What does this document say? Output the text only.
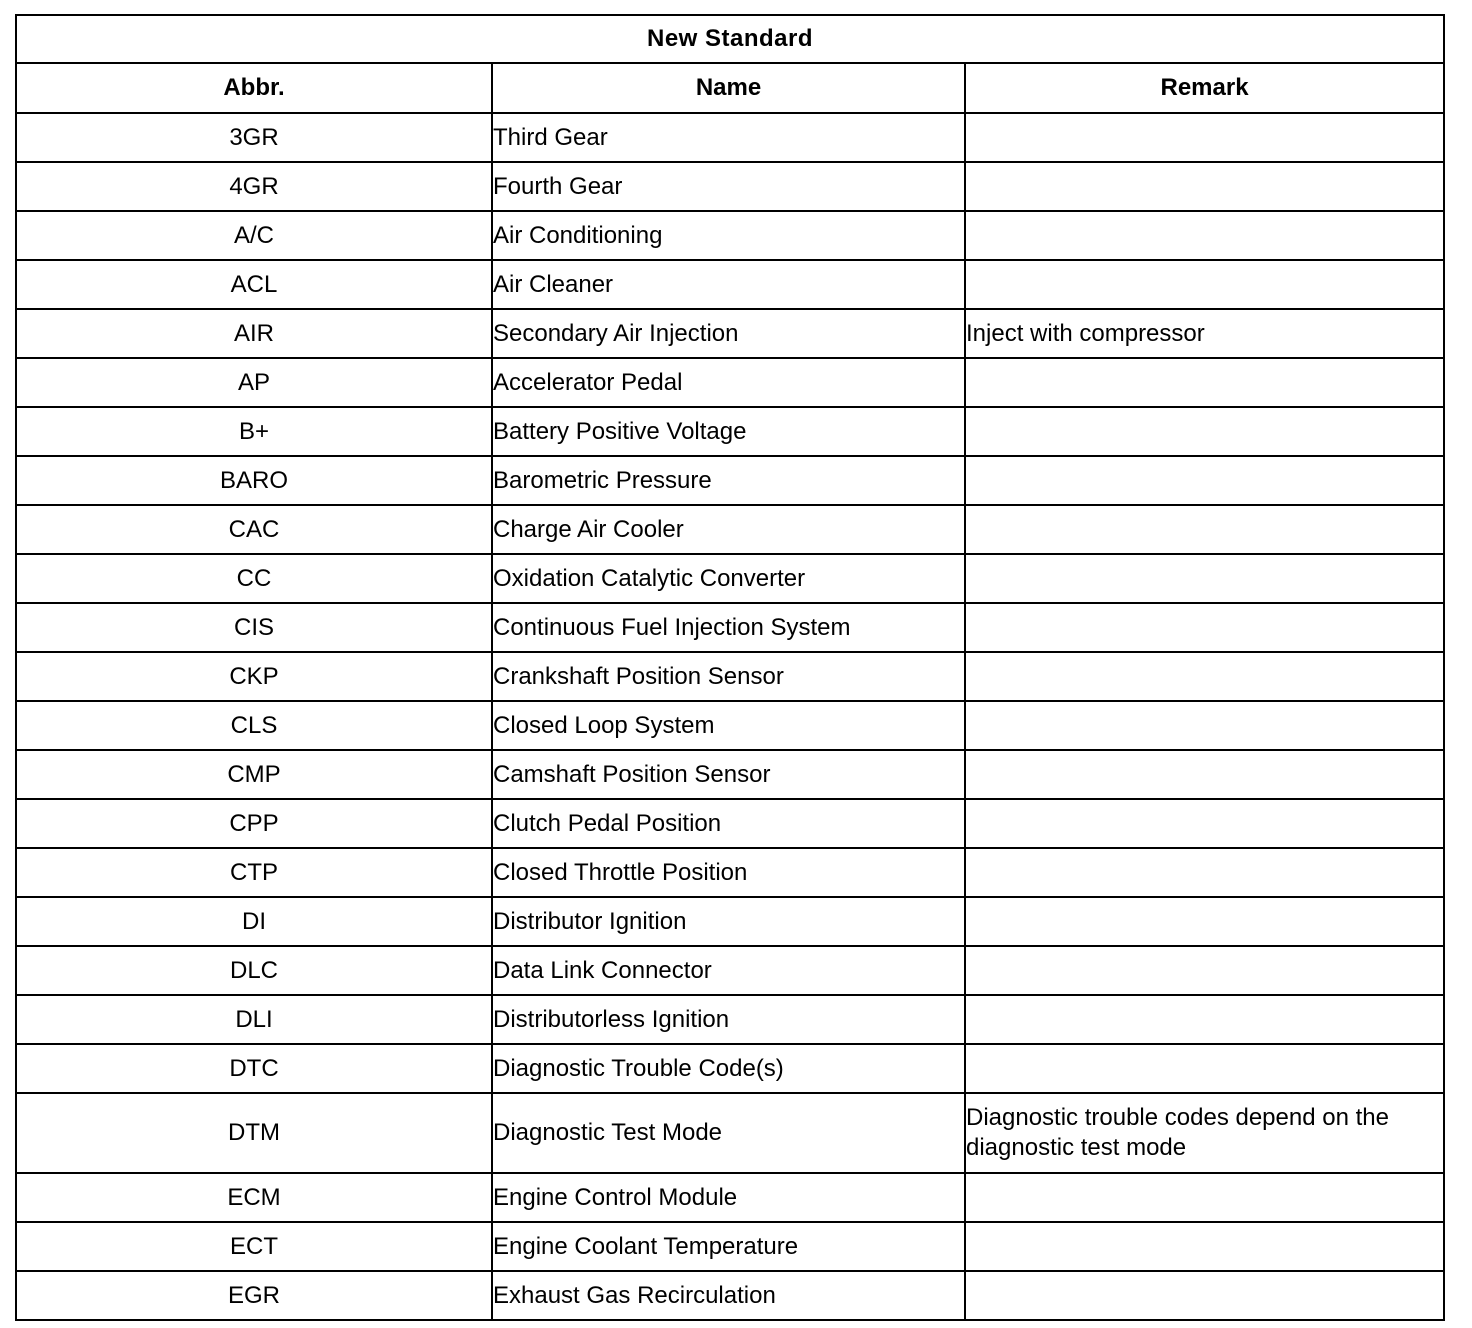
New Standard		
Abbr.	Name	Remark
3GR	Third Gear	
4GR	Fourth Gear	
A/C	Air Conditioning	
ACL	Air Cleaner	
AIR	Secondary Air Injection	Inject with compressor
AP	Accelerator Pedal	
B+	Battery Positive Voltage	
BARO	Barometric Pressure	
CAC	Charge Air Cooler	
CC	Oxidation Catalytic Converter	
CIS	Continuous Fuel Injection System	
CKP	Crankshaft Position Sensor	
CLS	Closed Loop System	
CMP	Camshaft Position Sensor	
CPP	Clutch Pedal Position	
CTP	Closed Throttle Position	
DI	Distributor Ignition	
DLC	Data Link Connector	
DLI	Distributorless Ignition	
DTC	Diagnostic Trouble Code(s)	
DTM	Diagnostic Test Mode	Diagnostic trouble codes depend on the diagnostic test mode
ECM	Engine Control Module	
ECT	Engine Coolant Temperature	
EGR	Exhaust Gas Recirculation	
